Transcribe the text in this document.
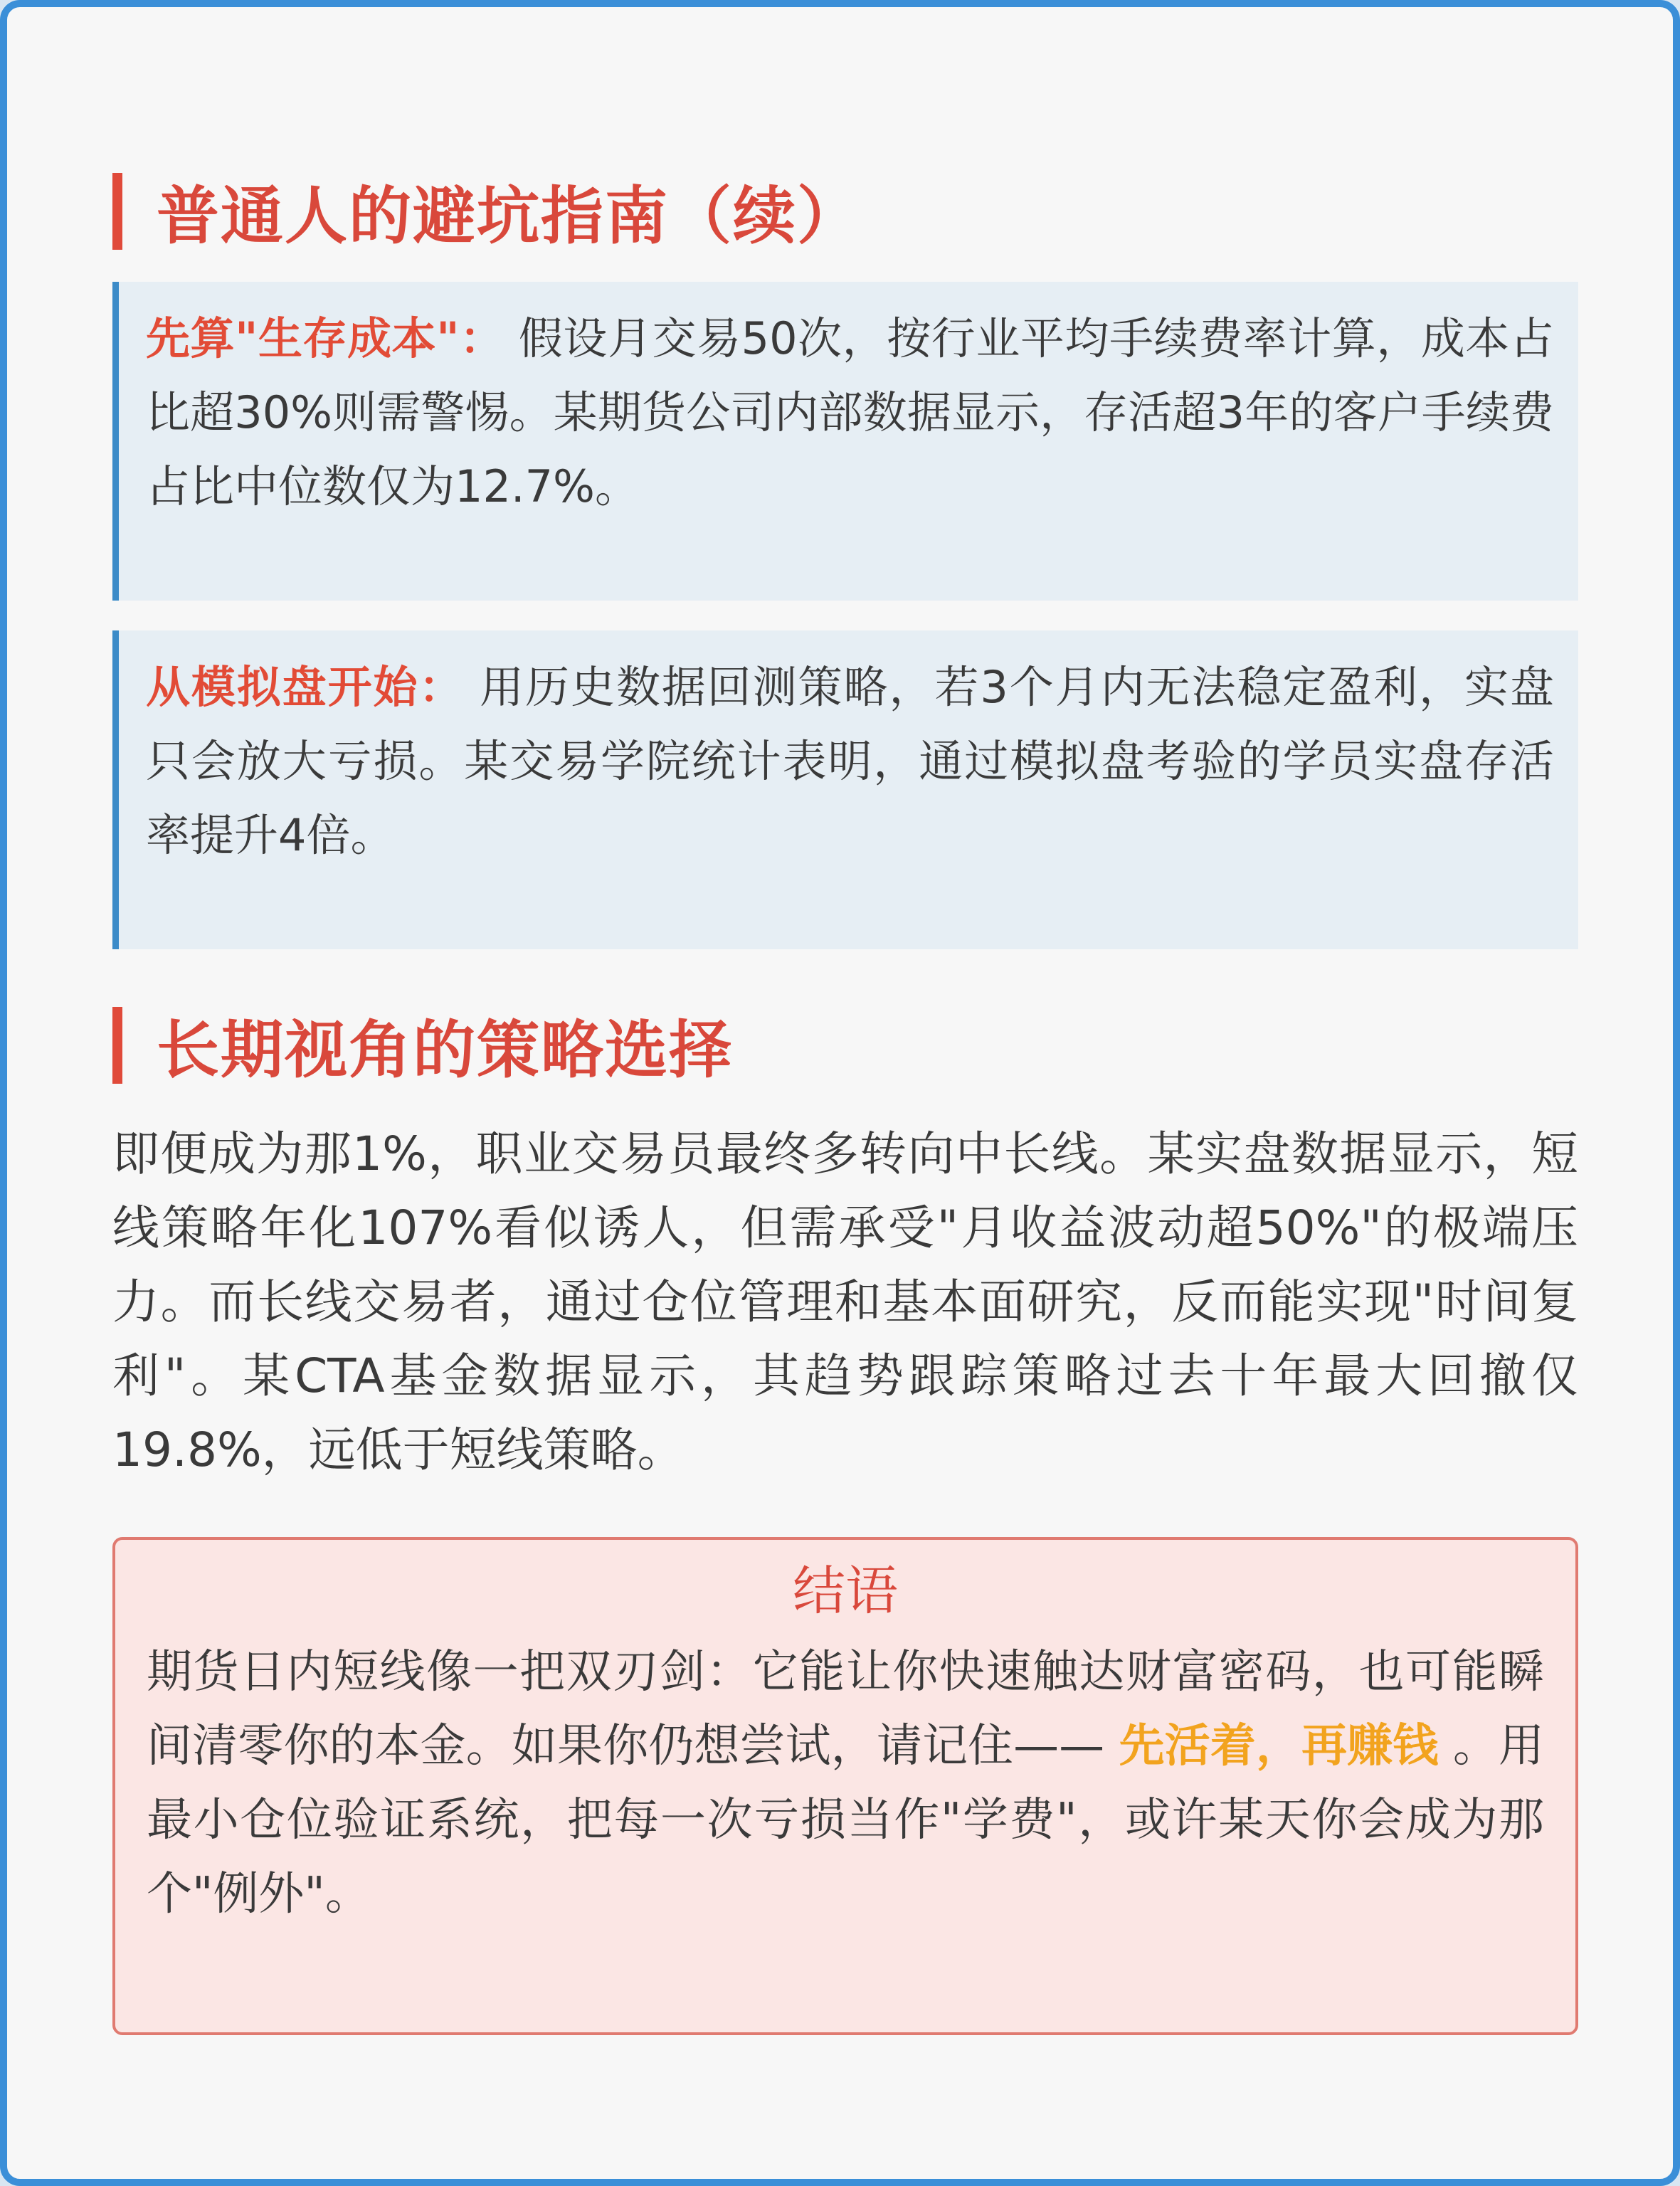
普通人的避坑指南（续）

先算"生存成本"： 假设月交易50次，按行业平均手续费率计算，成本占比超30%则需警惕。某期货公司内部数据显示，存活超3年的客户手续费占比中位数仅为12.7%。

从模拟盘开始： 用历史数据回测策略，若3个月内无法稳定盈利，实盘只会放大亏损。某交易学院统计表明，通过模拟盘考验的学员实盘存活率提升4倍。

长期视角的策略选择

即便成为那1%，职业交易员最终多转向中长线。某实盘数据显示，短线策略年化107%看似诱人，但需承受"月收益波动超50%"的极端压力。而长线交易者，通过仓位管理和基本面研究，反而能实现"时间复利"。某CTA基金数据显示，其趋势跟踪策略过去十年最大回撤仅19.8%，远低于短线策略。

结语

期货日内短线像一把双刃剑：它能让你快速触达财富密码，也可能瞬间清零你的本金。如果你仍想尝试，请记住—— 先活着，再赚钱 。用最小仓位验证系统，把每一次亏损当作"学费"，或许某天你会成为那个"例外"。
